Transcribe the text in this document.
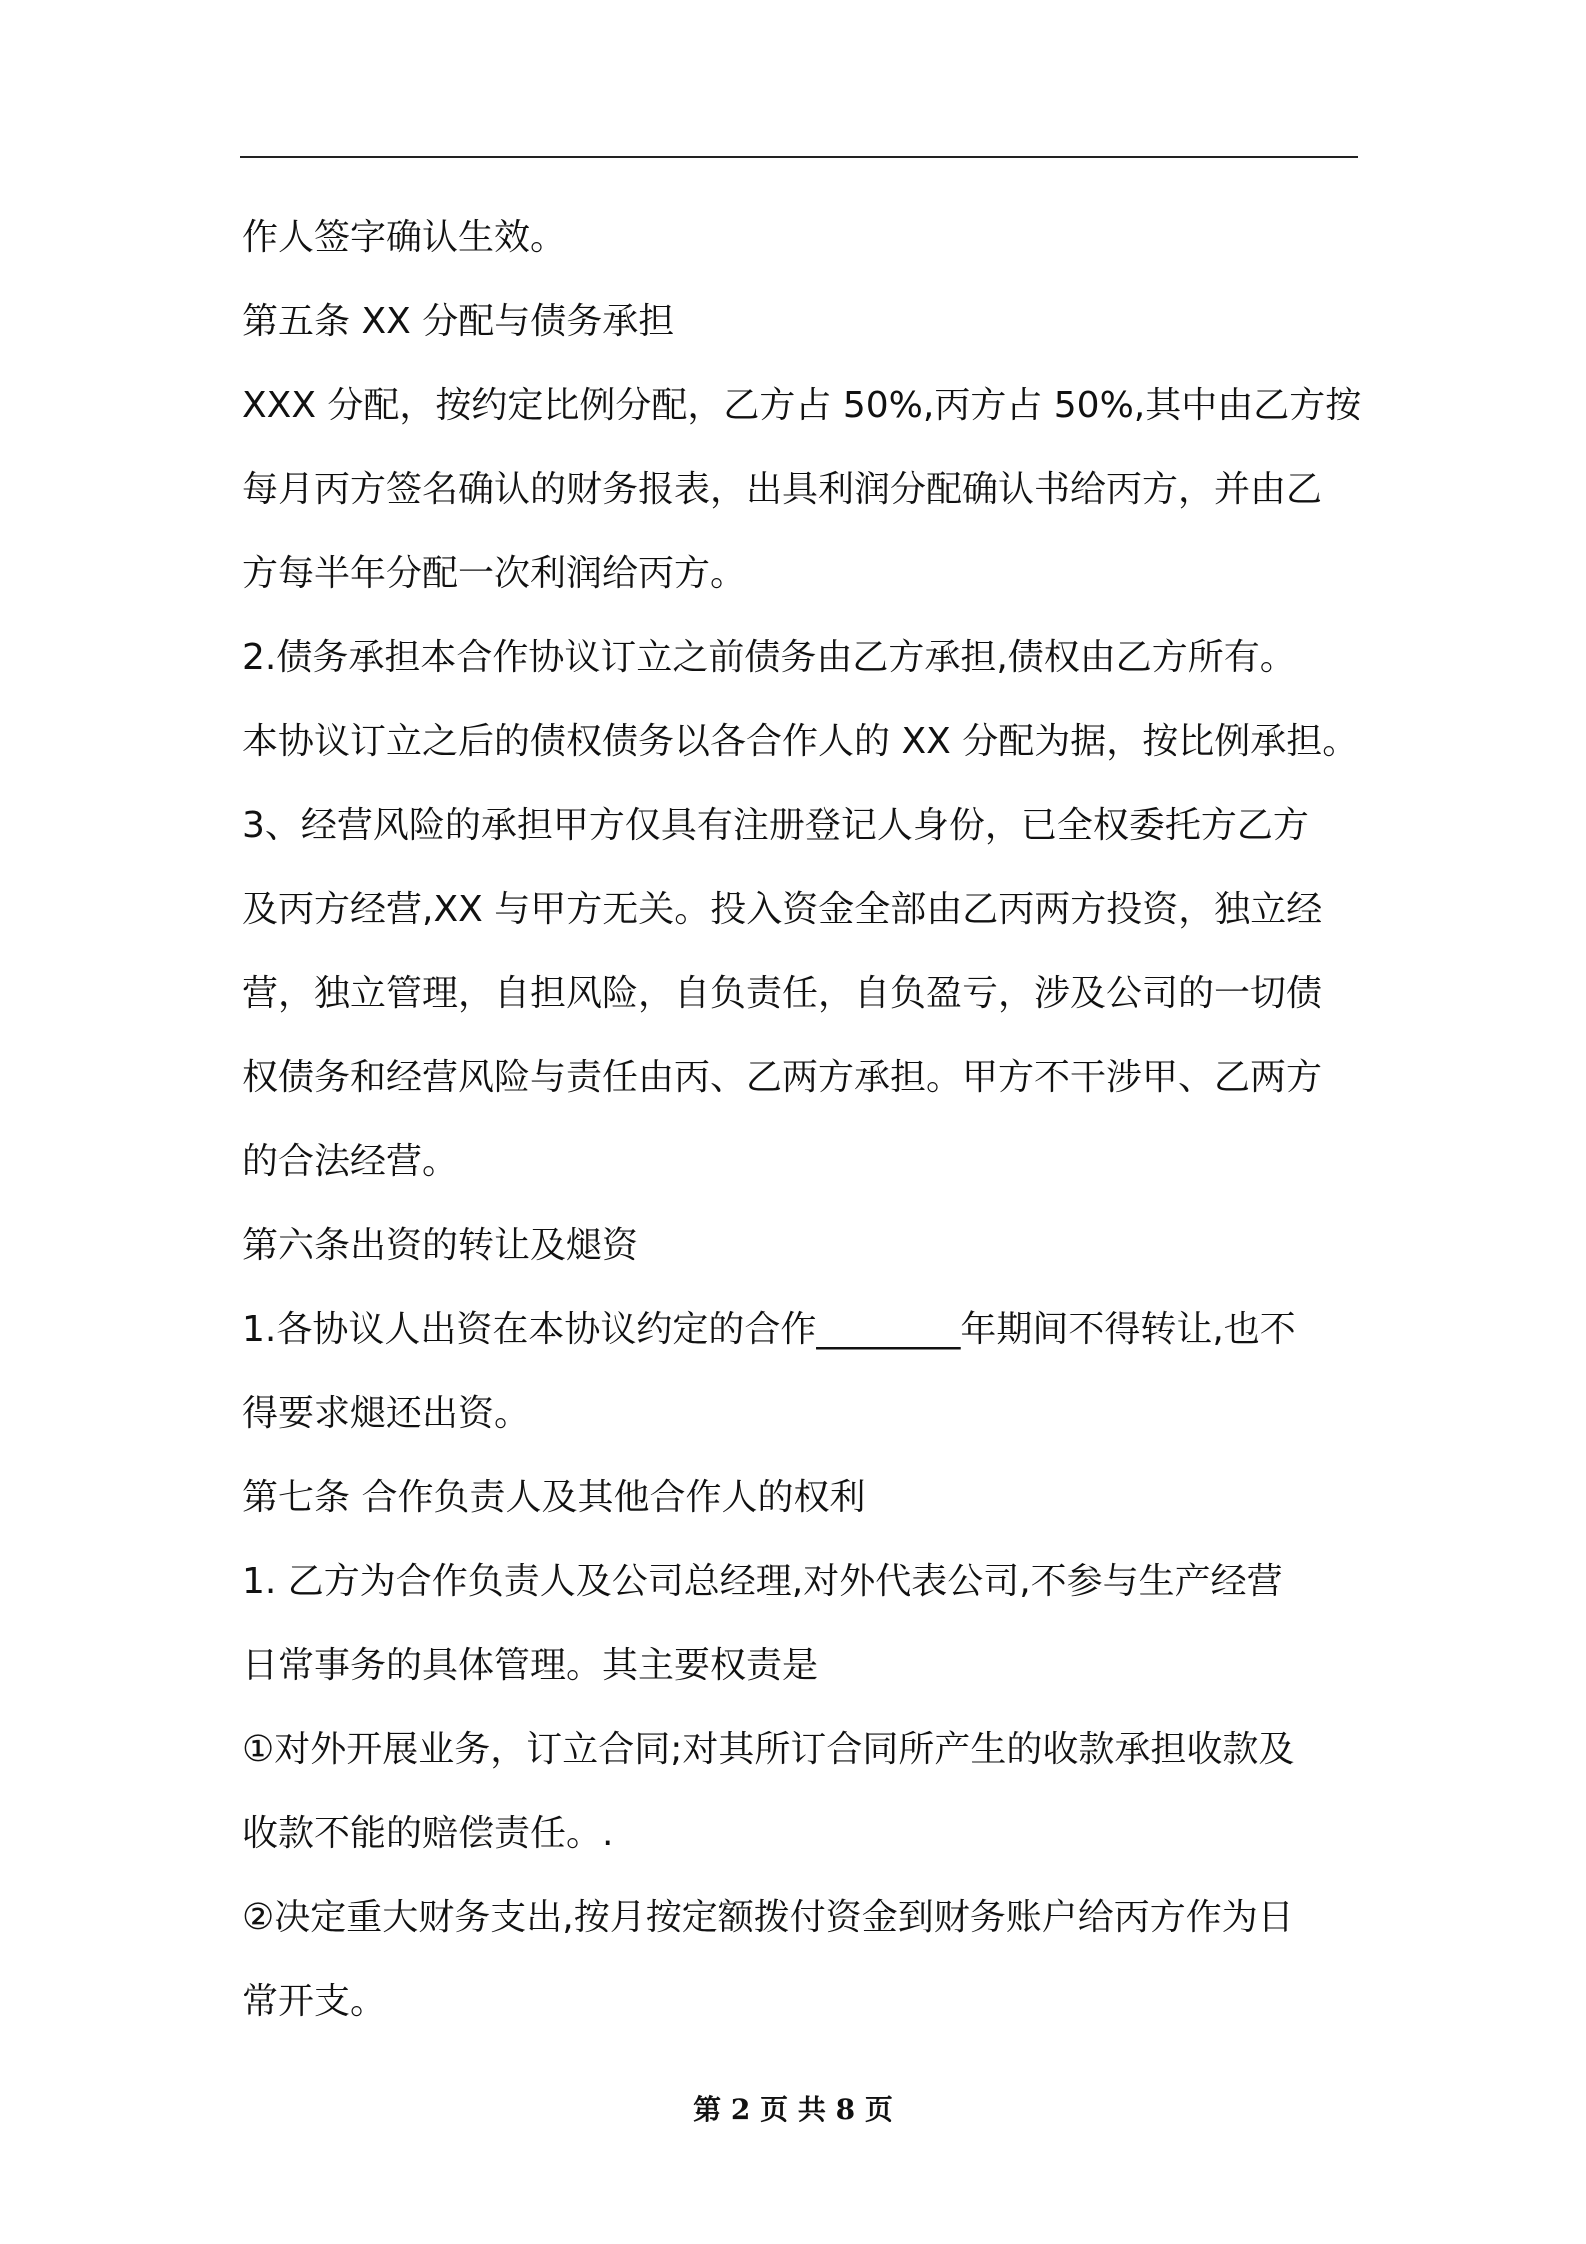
作人签字确认生效。
第五条 XX 分配与债务承担
XXX 分配，按约定比例分配，乙方占 50%,丙方占 50%,其中由乙方按
每月丙方签名确认的财务报表，出具利润分配确认书给丙方，并由乙
方每半年分配一次利润给丙方。
2.债务承担本合作协议订立之前债务由乙方承担,债权由乙方所有。
本协议订立之后的债权债务以各合作人的 XX 分配为据，按比例承担。
3、经营风险的承担甲方仅具有注册登记人身份，已全权委托方乙方
及丙方经营,XX 与甲方无关。投入资金全部由乙丙两方投资，独立经
营，独立管理，自担风险，自负责任，自负盈亏，涉及公司的一切债
权债务和经营风险与责任由丙、乙两方承担。甲方不干涉甲、乙两方
的合法经营。
第六条出资的转让及煺资
1.各协议人出资在本协议约定的合作________年期间不得转让,也不
得要求煺还出资。
第七条 合作负责人及其他合作人的权利
1. 乙方为合作负责人及公司总经理,对外代表公司,不参与生产经营
日常事务的具体管理。其主要权责是
①对外开展业务，订立合同;对其所订合同所产生的收款承担收款及
收款不能的赔偿责任。.
②决定重大财务支出,按月按定额拨付资金到财务账户给丙方作为日
常开支。
第 2 页 共 8 页
